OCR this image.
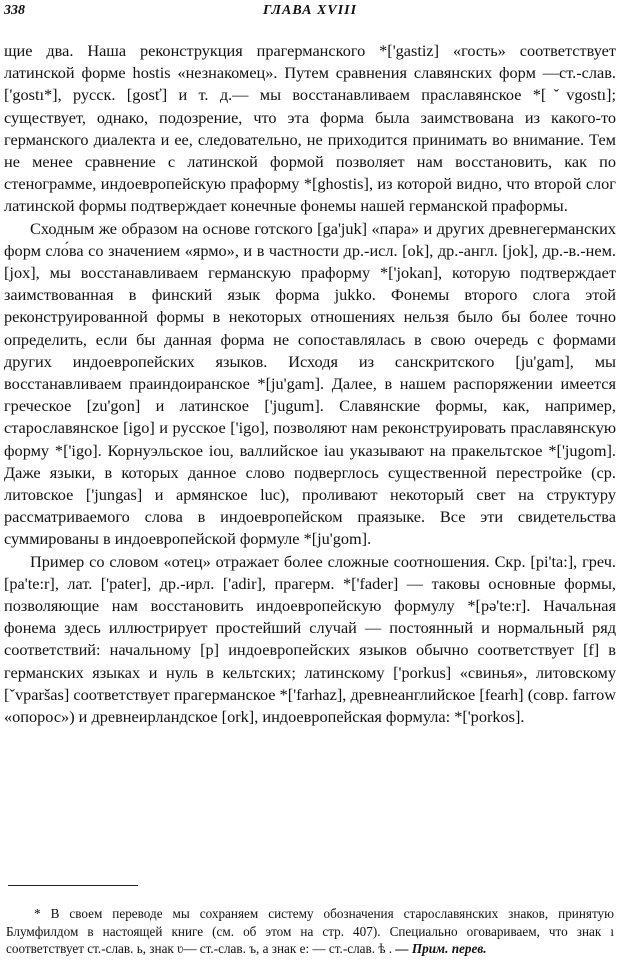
338	ГЛАВА XVIII

щие два. Наша реконструкция прагерманского *['gastiz] «гость» соответствует латинской форме hostis «незнакомец». Путем сравнения славянских форм —ст.-слав. ['gostı*], русск. [gosť] и т. д.— мы восстанавливаем праславянское *[ˇvgostı]; существует, однако, подозрение, что эта форма была заимствована из какого-то германского диалекта и ее, следовательно, не приходится принимать во внимание. Тем не менее сравнение с латинской формой позволяет нам восстановить, как по стенограмме, индоевропейскую праформу *[ghostis], из которой видно, что второй слог латинской формы подтверждает конечные фонемы нашей германской праформы.

Сходным же образом на основе готского [ga'juk] «пара» и других древнегерманских форм сло́ва со значением «ярмо», и в частности др.-исл. [ok], др.-англ. [jok], др.-в.-нем. [jox], мы восстанавливаем германскую праформу *['jokan], которую подтверждает заимствованная в финский язык форма jukko. Фонемы второго слога этой реконструированной формы в некоторых отношениях нельзя было бы более точно определить, если бы данная форма не сопоставлялась в свою очередь с формами других индоевропейских языков. Исходя из санскритского [ju'gam], мы восстанавливаем праиндоиранское *[ju'gam]. Далее, в нашем распоряжении имеется греческое [zu'gon] и латинское ['jugum]. Славянские формы, как, например, старославянское [igo] и русское ['igo], позволяют нам реконструировать праславянскую форму *['igo]. Корнуэльское iou, валлийское iau указывают на пракельтское *['jugom]. Даже языки, в которых данное слово подверглось существенной перестройке (ср. литовское ['jungas] и армянское luc), проливают некоторый свет на структуру рассматриваемого слова в индоевропейском праязыке. Все эти свидетельства суммированы в индоевропейской формуле *[ju'gom].

Пример со словом «отец» отражает более сложные соотношения. Скр. [pi'ta:], греч. [pa'te:r], лат. ['pater], др.-ирл. ['adir], прагерм. *['fader] — таковы основные формы, позволяющие нам восстановить индоевропейскую формулу *[pə'te:r]. Начальная фонема здесь иллюстрирует простейший случай — постоянный и нормальный ряд соответствий: начальному [p] индоевропейских языков обычно соответствует [f] в германских языках и нуль в кельтских; латинскому ['porkus] «свинья», литовскому [ˇvparšas] соответствует прагерманское *['farhaz], древнеанглийское [fearh] (совр. farrow «опорос») и древнеирландское [ork], индоевропейская формула: *['porkos].

* В своем переводе мы сохраняем систему обозначения старославянских знаков, принятую Блумфилдом в настоящей книге (см. об этом на стр. 407). Специально оговариваем, что знак ı соответствует ст.-слав. ь, знак ʋ— ст.-слав. ъ, а знак e: — ст.-слав. ѣ . — Прим. перев.
